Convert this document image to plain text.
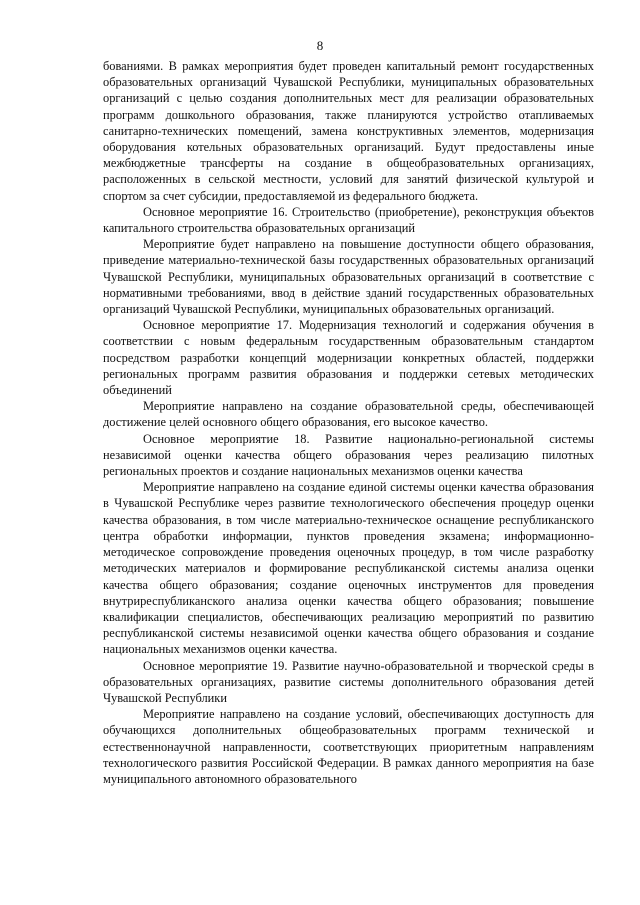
8

бованиями. В рамках мероприятия будет проведен капитальный ремонт государственных образовательных организаций Чувашской Республики, муниципальных образовательных организаций с целью создания дополнительных мест для реализации образовательных программ дошкольного образования, также планируются устройство отапливаемых санитарно-технических помещений, замена конструктивных элементов, модернизация оборудования котельных образовательных организаций. Будут предоставлены иные межбюджетные трансферты на создание в общеобразовательных организациях, расположенных в сельской местности, условий для занятий физической культурой и спортом за счет субсидии, предоставляемой из федерального бюджета.

Основное мероприятие 16. Строительство (приобретение), реконструкция объектов капитального строительства образовательных организаций

Мероприятие будет направлено на повышение доступности общего образования, приведение материально-технической базы государственных образовательных организаций Чувашской Республики, муниципальных образовательных организаций в соответствие с нормативными требованиями, ввод в действие зданий государственных образовательных организаций Чувашской Республики, муниципальных образовательных организаций.

Основное мероприятие 17. Модернизация технологий и содержания обучения в соответствии с новым федеральным государственным образовательным стандартом посредством разработки концепций модернизации конкретных областей, поддержки региональных программ развития образования и поддержки сетевых методических объединений

Мероприятие направлено на создание образовательной среды, обеспечивающей достижение целей основного общего образования, его высокое качество.

Основное мероприятие 18. Развитие национально-региональной системы независимой оценки качества общего образования через реализацию пилотных региональных проектов и создание национальных механизмов оценки качества

Мероприятие направлено на создание единой системы оценки качества образования в Чувашской Республике через развитие технологического обеспечения процедур оценки качества образования, в том числе материально-техническое оснащение республиканского центра обработки информации, пунктов проведения экзамена; информационно-методическое сопровождение проведения оценочных процедур, в том числе разработку методических материалов и формирование республиканской системы анализа оценки качества общего образования; создание оценочных инструментов для проведения внутриреспубликанского анализа оценки качества общего образования; повышение квалификации специалистов, обеспечивающих реализацию мероприятий по развитию республиканской системы независимой оценки качества общего образования и создание национальных механизмов оценки качества.

Основное мероприятие 19. Развитие научно-образовательной и творческой среды в образовательных организациях, развитие системы дополнительного образования детей Чувашской Республики

Мероприятие направлено на создание условий, обеспечивающих доступность для обучающихся дополнительных общеобразовательных программ технической и естественнонаучной направленности, соответствующих приоритетным направлениям технологического развития Российской Федерации. В рамках данного мероприятия на базе муниципального автономного образовательного
